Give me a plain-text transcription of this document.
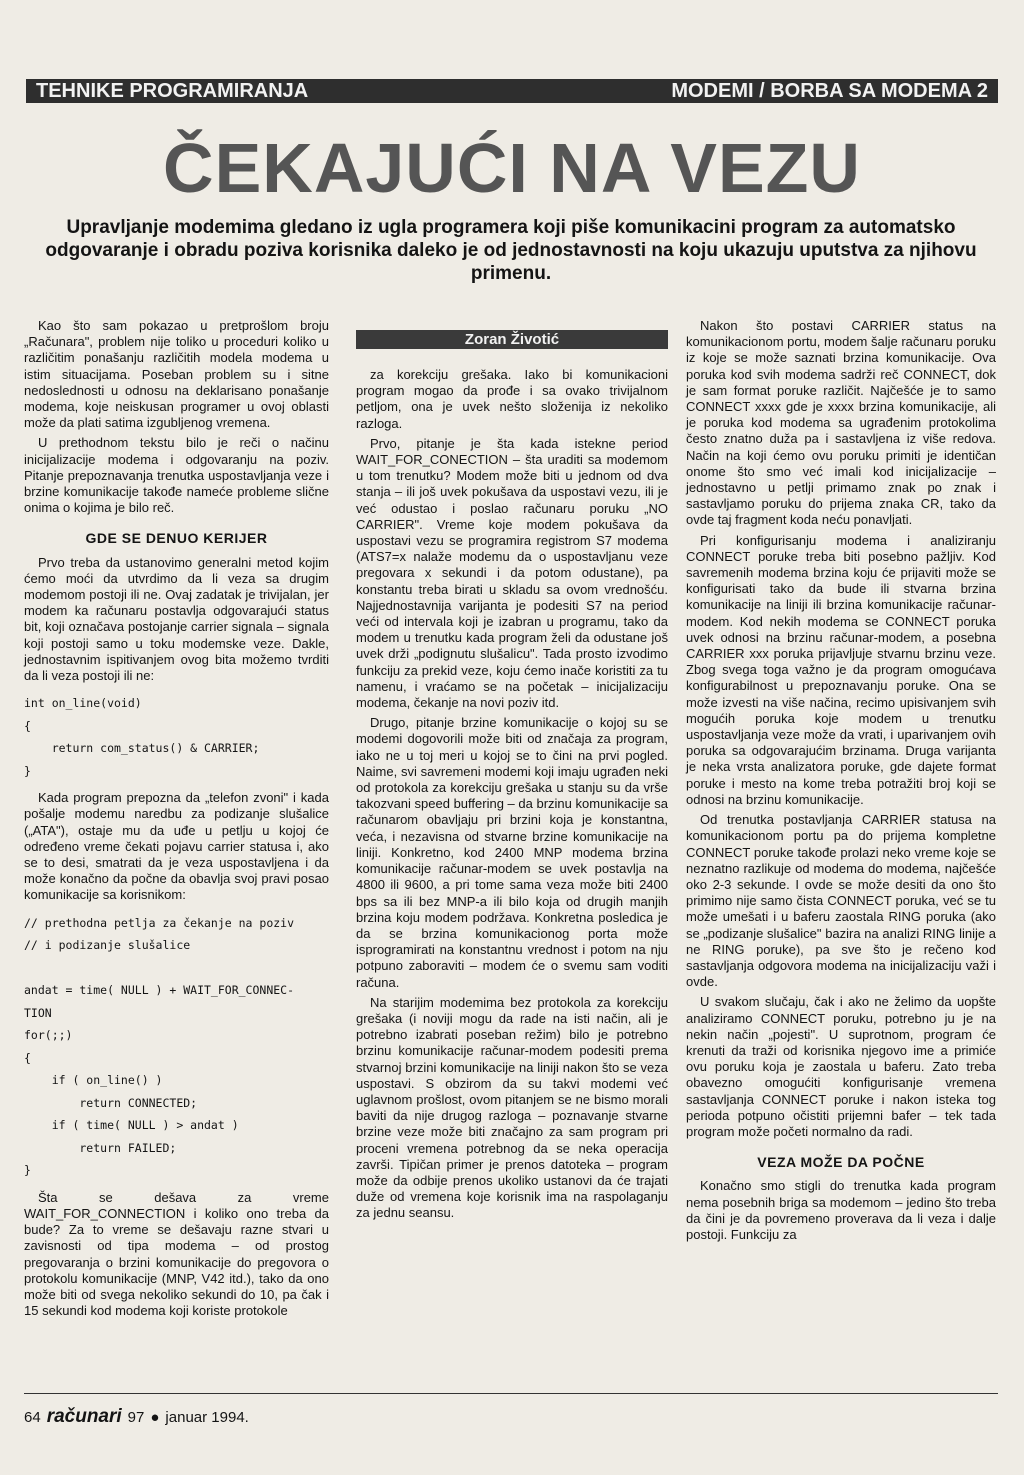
TEHNIKE PROGRAMIRANJA	MODEMI / BORBA SA MODEMA 2
ČEKAJUĆI NA VEZU

Upravljanje modemima gledano iz ugla programera koji piše komunikacini program za automatsko odgovaranje i obradu poziva korisnika daleko je od jednostavnosti na koju ukazuju uputstva za njihovu primenu.

Kao što sam pokazao u pretprošlom broju „Računara", problem nije toliko u proceduri koliko u različitim ponašanju različitih modela modema u istim situacijama. Poseban problem su i sitne nedoslednosti u odnosu na deklarisano ponašanje modema, koje neiskusan programer u ovoj oblasti može da plati satima izgubljenog vremena.

U prethodnom tekstu bilo je reči o načinu inicijalizacije modema i odgovaranju na poziv. Pitanje prepoznavanja trenutka uspostavljanja veze i brzine komunikacije takođe nameće probleme slične onima o kojima je bilo reč.

GDE SE DENUO KERIJER

Prvo treba da ustanovimo generalni metod kojim ćemo moći da utvrdimo da li veza sa drugim modemom postoji ili ne. Ovaj zadatak je trivijalan, jer modem ka računaru postavlja odgovarajući status bit, koji označava postojanje carrier signala – signala koji postoji samo u toku modemske veze. Dakle, jednostavnim ispitivanjem ovog bita možemo tvrditi da li veza postoji ili ne:

int on_line(void)
{
return com_status() & CARRIER;
}

Kada program prepozna da „telefon zvoni" i kada pošalje modemu naredbu za podizanje slušalice („ATA"), ostaje mu da uđe u petlju u kojoj će određeno vreme čekati pojavu carrier statusa i, ako se to desi, smatrati da je veza uspostavljena i da može konačno da počne da obavlja svoj pravi posao komunikacije sa korisnikom:

// prethodna petlja za čekanje na poziv
// i podizanje slušalice

andat = time( NULL ) + WAIT_FOR_CONNEC-
TION
for(;;)
{
if ( on_line() )
return CONNECTED;
if ( time( NULL ) > andat )
return FAILED;
}

Šta se dešava za vreme WAIT_FOR_CONNECTION i koliko ono treba da bude? Za to vreme se dešavaju razne stvari u zavisnosti od tipa modema – od prostog pregovaranja o brzini komunikacije do pregovora o protokolu komunikacije (MNP, V42 itd.), tako da ono može biti od svega nekoliko sekundi do 10, pa čak i 15 sekundi kod modema koji koriste protokole

Zoran Životić

za korekciju grešaka. Iako bi komunikacioni program mogao da prođe i sa ovako trivijalnom petljom, ona je uvek nešto složenija iz nekoliko razloga.

Prvo, pitanje je šta kada istekne period WAIT_FOR_CONECTION – šta uraditi sa modemom u tom trenutku? Modem može biti u jednom od dva stanja – ili još uvek pokušava da uspostavi vezu, ili je već odustao i poslao računaru poruku „NO CARRIER". Vreme koje modem pokušava da uspostavi vezu se programira registrom S7 modema (ATS7=x nalaže modemu da o uspostavljanu veze pregovara x sekundi i da potom odustane), pa konstantu treba birati u skladu sa ovom vrednošću. Najjednostavnija varijanta je podesiti S7 na period veći od intervala koji je izabran u programu, tako da modem u trenutku kada program želi da odustane još uvek drži „podignutu slušalicu". Tada prosto izvodimo funkciju za prekid veze, koju ćemo inače koristiti za tu namenu, i vraćamo se na početak – inicijalizaciju modema, čekanje na novi poziv itd.

Drugo, pitanje brzine komunikacije o kojoj su se modemi dogovorili može biti od značaja za program, iako ne u toj meri u kojoj se to čini na prvi pogled. Naime, svi savremeni modemi koji imaju ugrađen neki od protokola za korekciju grešaka u stanju su da vrše takozvani speed buffering – da brzinu komunikacije sa računarom obavljaju pri brzini koja je konstantna, veća, i nezavisna od stvarne brzine komunikacije na liniji. Konkretno, kod 2400 MNP modema brzina komunikacije računar-modem se uvek postavlja na 4800 ili 9600, a pri tome sama veza može biti 2400 bps sa ili bez MNP-a ili bilo koja od drugih manjih brzina koju modem podržava. Konkretna posledica je da se brzina komunikacionog porta može isprogramirati na konstantnu vrednost i potom na nju potpuno zaboraviti – modem će o svemu sam voditi računa.

Na starijim modemima bez protokola za korekciju grešaka (i noviji mogu da rade na isti način, ali je potrebno izabrati poseban režim) bilo je potrebno brzinu komunikacije računar-modem podesiti prema stvarnoj brzini komunikacije na liniji nakon što se veza uspostavi. S obzirom da su takvi modemi već uglavnom prošlost, ovom pitanjem se ne bismo morali baviti da nije drugog razloga – poznavanje stvarne brzine veze može biti značajno za sam program pri proceni vremena potrebnog da se neka operacija završi. Tipičan primer je prenos datoteka – program može da odbije prenos ukoliko ustanovi da će trajati duže od vremena koje korisnik ima na raspolaganju za jednu seansu.

Nakon što postavi CARRIER status na komunikacionom portu, modem šalje računaru poruku iz koje se može saznati brzina komunikacije. Ova poruka kod svih modema sadrži reč CONNECT, dok je sam format poruke različit. Najčešće je to samo CONNECT xxxx gde je xxxx brzina komunikacije, ali je poruka kod modema sa ugrađenim protokolima često znatno duža pa i sastavljena iz više redova. Način na koji ćemo ovu poruku primiti je identičan onome što smo već imali kod inicijalizacije – jednostavno u petlji primamo znak po znak i sastavljamo poruku do prijema znaka CR, tako da ovde taj fragment koda neću ponavljati.

Pri konfigurisanju modema i analiziranju CONNECT poruke treba biti posebno pažljiv. Kod savremenih modema brzina koju će prijaviti može se konfigurisati tako da bude ili stvarna brzina komunikacije na liniji ili brzina komunikacije računar-modem. Kod nekih modema se CONNECT poruka uvek odnosi na brzinu računar-modem, a posebna CARRIER xxx poruka prijavljuje stvarnu brzinu veze. Zbog svega toga važno je da program omogućava konfigurabilnost u prepoznavanju poruke. Ona se može izvesti na više načina, recimo upisivanjem svih mogućih poruka koje modem u trenutku uspostavljanja veze može da vrati, i uparivanjem ovih poruka sa odgovarajućim brzinama. Druga varijanta je neka vrsta analizatora poruke, gde dajete format poruke i mesto na kome treba potražiti broj koji se odnosi na brzinu komunikacije.

Od trenutka postavljanja CARRIER statusa na komunikacionom portu pa do prijema kompletne CONNECT poruke takođe prolazi neko vreme koje se neznatno razlikuje od modema do modema, najčešće oko 2-3 sekunde. I ovde se može desiti da ono što primimo nije samo čista CONNECT poruka, već se tu može umešati i u baferu zaostala RING poruka (ako se „podizanje slušalice" bazira na analizi RING linije a ne RING poruke), pa sve što je rečeno kod sastavljanja odgovora modema na inicijalizaciju važi i ovde.

U svakom slučaju, čak i ako ne želimo da uopšte analiziramo CONNECT poruku, potrebno ju je na nekin način „pojesti". U suprotnom, program će krenuti da traži od korisnika njegovo ime a primiće ovu poruku koja je zaostala u baferu. Zato treba obavezno omogućiti konfigurisanje vremena sastavljanja CONNECT poruke i nakon isteka tog perioda potpuno očistiti prijemni bafer – tek tada program može početi normalno da radi.

VEZA MOŽE DA POČNE

Konačno smo stigli do trenutka kada program nema posebnih briga sa modemom – jedino što treba da čini je da povremeno proverava da li veza i dalje postoji. Funkciju za

64 računari 97 ● januar 1994.
